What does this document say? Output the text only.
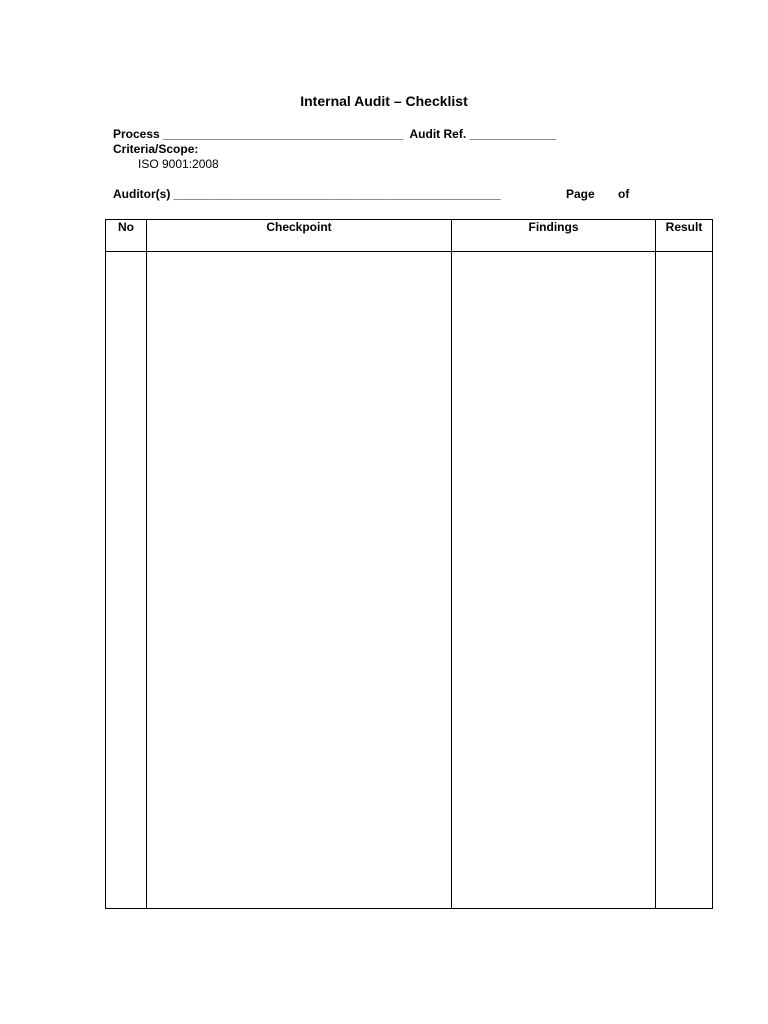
Internal Audit – Checklist
Process ____________________________________  Audit Ref. _____________
Criteria/Scope:
ISO 9001:2008
Auditor(s) _________________________________________________	Page of
No	Checkpoint	Findings	Result
